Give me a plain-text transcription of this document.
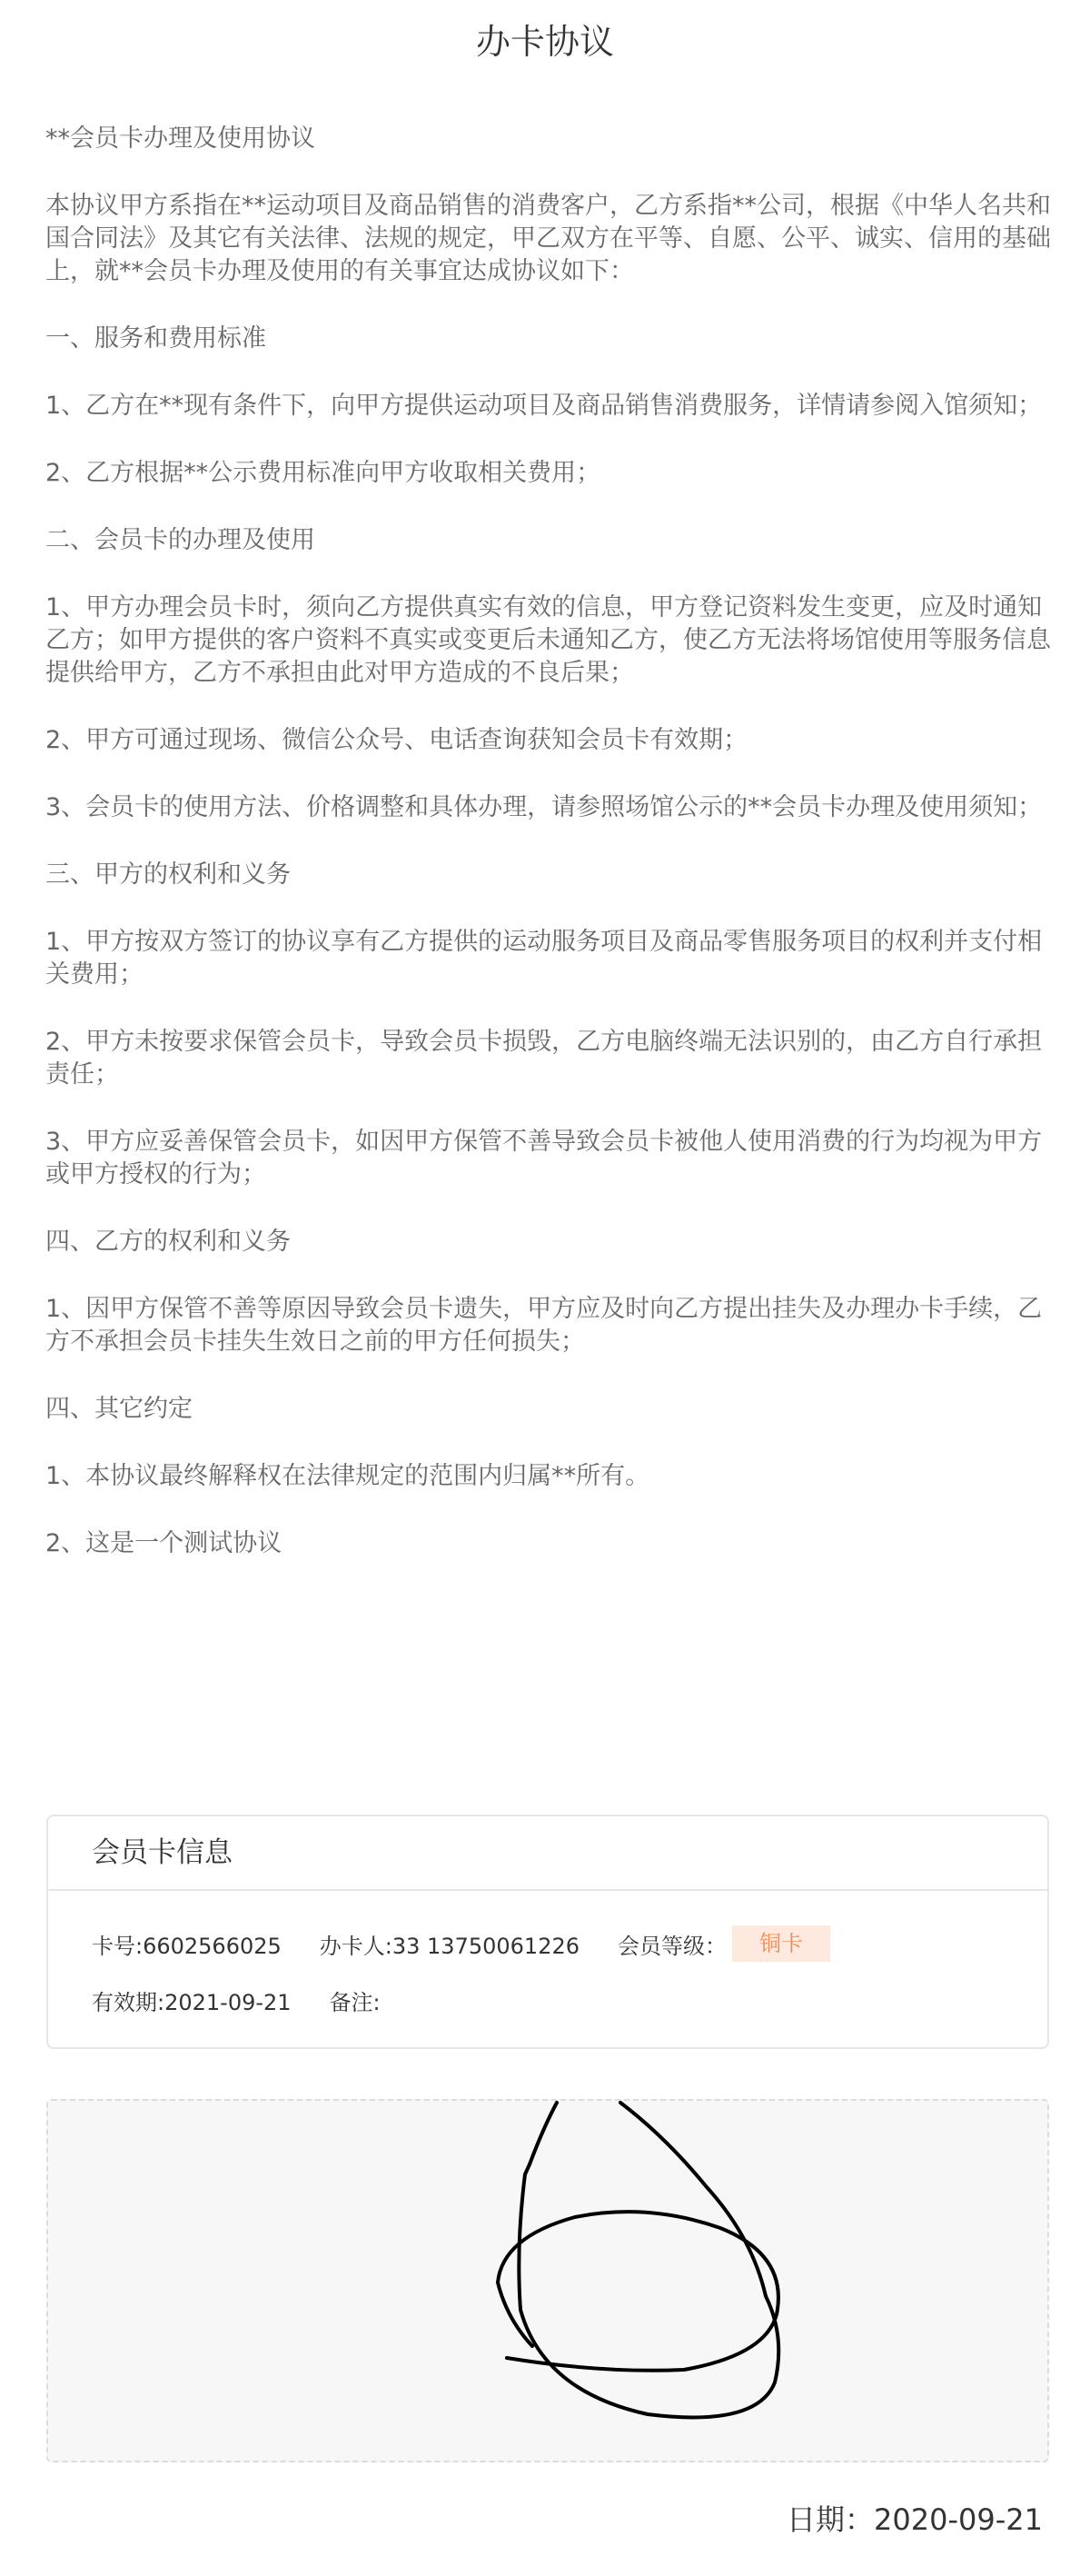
办卡协议

**会员卡办理及使用协议

本协议甲方系指在**运动项目及商品销售的消费客户，乙方系指**公司，根据《中华人名共和国合同法》及其它有关法律、法规的规定，甲乙双方在平等、自愿、公平、诚实、信用的基础上，就**会员卡办理及使用的有关事宜达成协议如下：

一、服务和费用标准

1、乙方在**现有条件下，向甲方提供运动项目及商品销售消费服务，详情请参阅入馆须知；

2、乙方根据**公示费用标准向甲方收取相关费用；

二、会员卡的办理及使用

1、甲方办理会员卡时，须向乙方提供真实有效的信息，甲方登记资料发生变更，应及时通知乙方；如甲方提供的客户资料不真实或变更后未通知乙方，使乙方无法将场馆使用等服务信息提供给甲方，乙方不承担由此对甲方造成的不良后果；

2、甲方可通过现场、微信公众号、电话查询获知会员卡有效期；

3、会员卡的使用方法、价格调整和具体办理，请参照场馆公示的**会员卡办理及使用须知；

三、甲方的权利和义务

1、甲方按双方签订的协议享有乙方提供的运动服务项目及商品零售服务项目的权利并支付相关费用；

2、甲方未按要求保管会员卡，导致会员卡损毁，乙方电脑终端无法识别的，由乙方自行承担责任；

3、甲方应妥善保管会员卡，如因甲方保管不善导致会员卡被他人使用消费的行为均视为甲方或甲方授权的行为；

四、乙方的权利和义务

1、因甲方保管不善等原因导致会员卡遗失，甲方应及时向乙方提出挂失及办理办卡手续，乙方不承担会员卡挂失生效日之前的甲方任何损失；

四、其它约定

1、本协议最终解释权在法律规定的范围内归属**所有。

2、这是一个测试协议

会员卡信息
卡号:6602566025 办卡人:33 13750061226 会员等级：	铜卡
有效期:2021-09-21 备注:
日期：2020-09-21
